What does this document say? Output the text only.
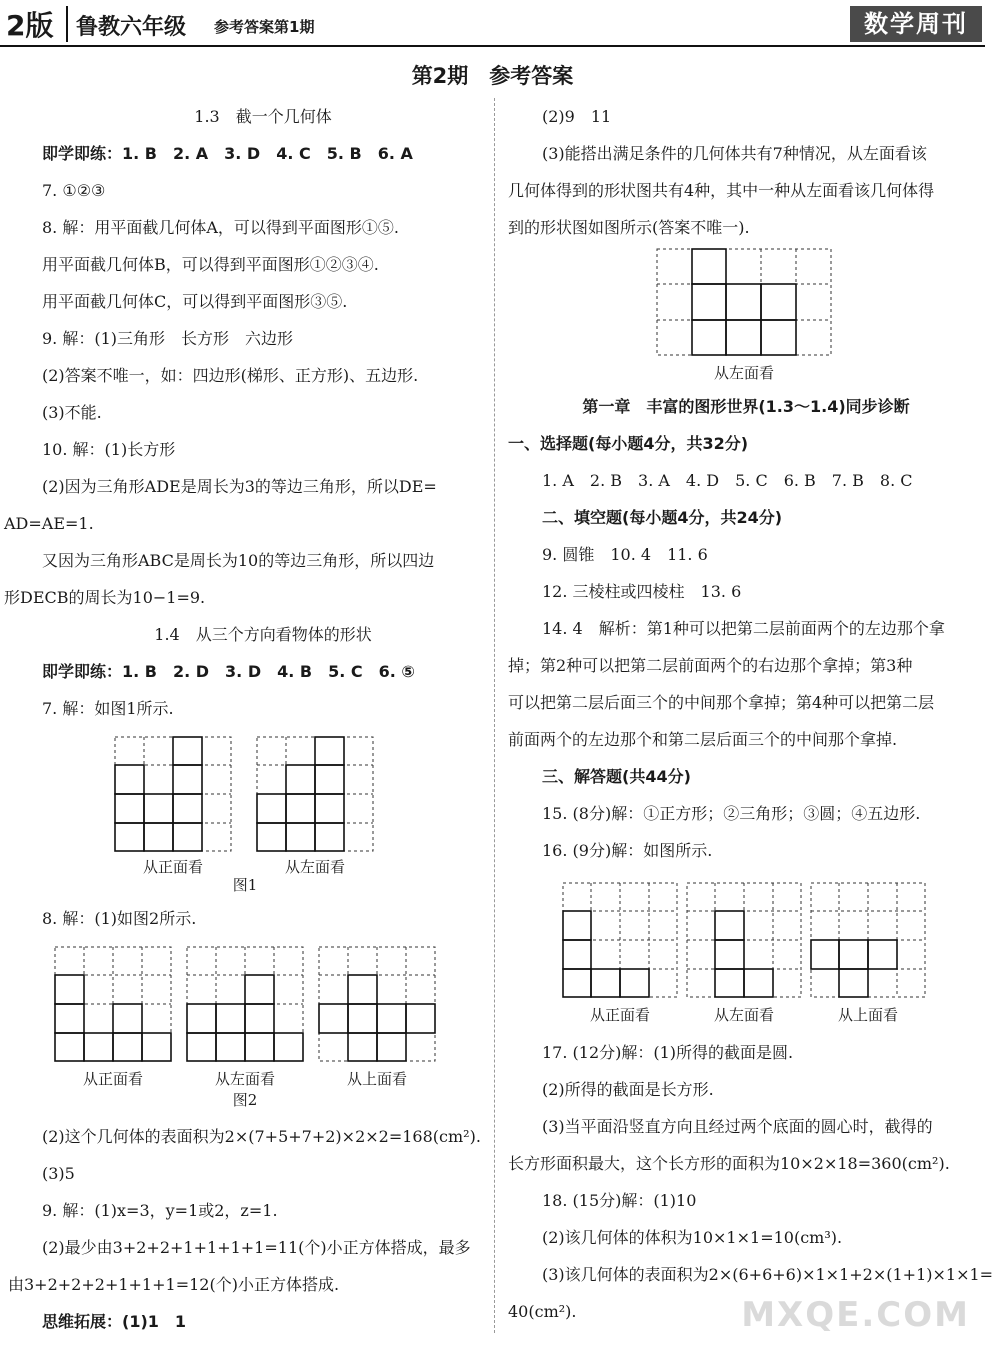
2版 鲁教六年级 参考答案第1期	数学周刊
第2期　参考答案
1.3　截一个几何体
即学即练：1. B　2. A　3. D　4. C　5. B　6. A
7. ①②③
8. 解：用平面截几何体A，可以得到平面图形①⑤.
用平面截几何体B，可以得到平面图形①②③④.
用平面截几何体C，可以得到平面图形③⑤.
9. 解：(1)三角形　长方形　六边形
(2)答案不唯一，如：四边形(梯形、正方形)、五边形.
(3)不能.
10. 解：(1)长方形
(2)因为三角形ADE是周长为3的等边三角形，所以DE=
AD=AE=1.
又因为三角形ABC是周长为10的等边三角形，所以四边
形DECB的周长为10−1=9.
1.4　从三个方向看物体的形状
即学即练：1. B　2. D　3. D　4. B　5. C　6. ⑤
7. 解：如图1所示.
从正面看	从左面看
图1
8. 解：(1)如图2所示.
从正面看	从左面看	从上面看
图2
(2)这个几何体的表面积为2×(7+5+7+2)×2×2=168(cm²).
(3)5
9. 解：(1)x=3，y=1或2，z=1.
(2)最少由3+2+2+1+1+1+1=11(个)小正方体搭成，最多
由3+2+2+2+1+1+1=12(个)小正方体搭成.
思维拓展：(1)1　1
(2)9　11
(3)能搭出满足条件的几何体共有7种情况，从左面看该
几何体得到的形状图共有4种，其中一种从左面看该几何体得
到的形状图如图所示(答案不唯一).
从左面看
第一章　丰富的图形世界(1.3～1.4)同步诊断
一、选择题(每小题4分，共32分)
1. A　2. B　3. A　4. D　5. C　6. B　7. B　8. C
二、填空题(每小题4分，共24分)
9. 圆锥　10. 4　11. 6
12. 三棱柱或四棱柱　13. 6
14. 4　解析：第1种可以把第二层前面两个的左边那个拿
掉；第2种可以把第二层前面两个的右边那个拿掉；第3种
可以把第二层后面三个的中间那个拿掉；第4种可以把第二层
前面两个的左边那个和第二层后面三个的中间那个拿掉.
三、解答题(共44分)
15. (8分)解：①正方形；②三角形；③圆；④五边形.
16. (9分)解：如图所示.
从正面看	从左面看	从上面看
17. (12分)解：(1)所得的截面是圆.
(2)所得的截面是长方形.
(3)当平面沿竖直方向且经过两个底面的圆心时，截得的
长方形面积最大，这个长方形的面积为10×2×18=360(cm²).
18. (15分)解：(1)10
(2)该几何体的体积为10×1×1=10(cm³).
(3)该几何体的表面积为2×(6+6+6)×1×1+2×(1+1)×1×1=
40(cm²).	MXQE.COM
